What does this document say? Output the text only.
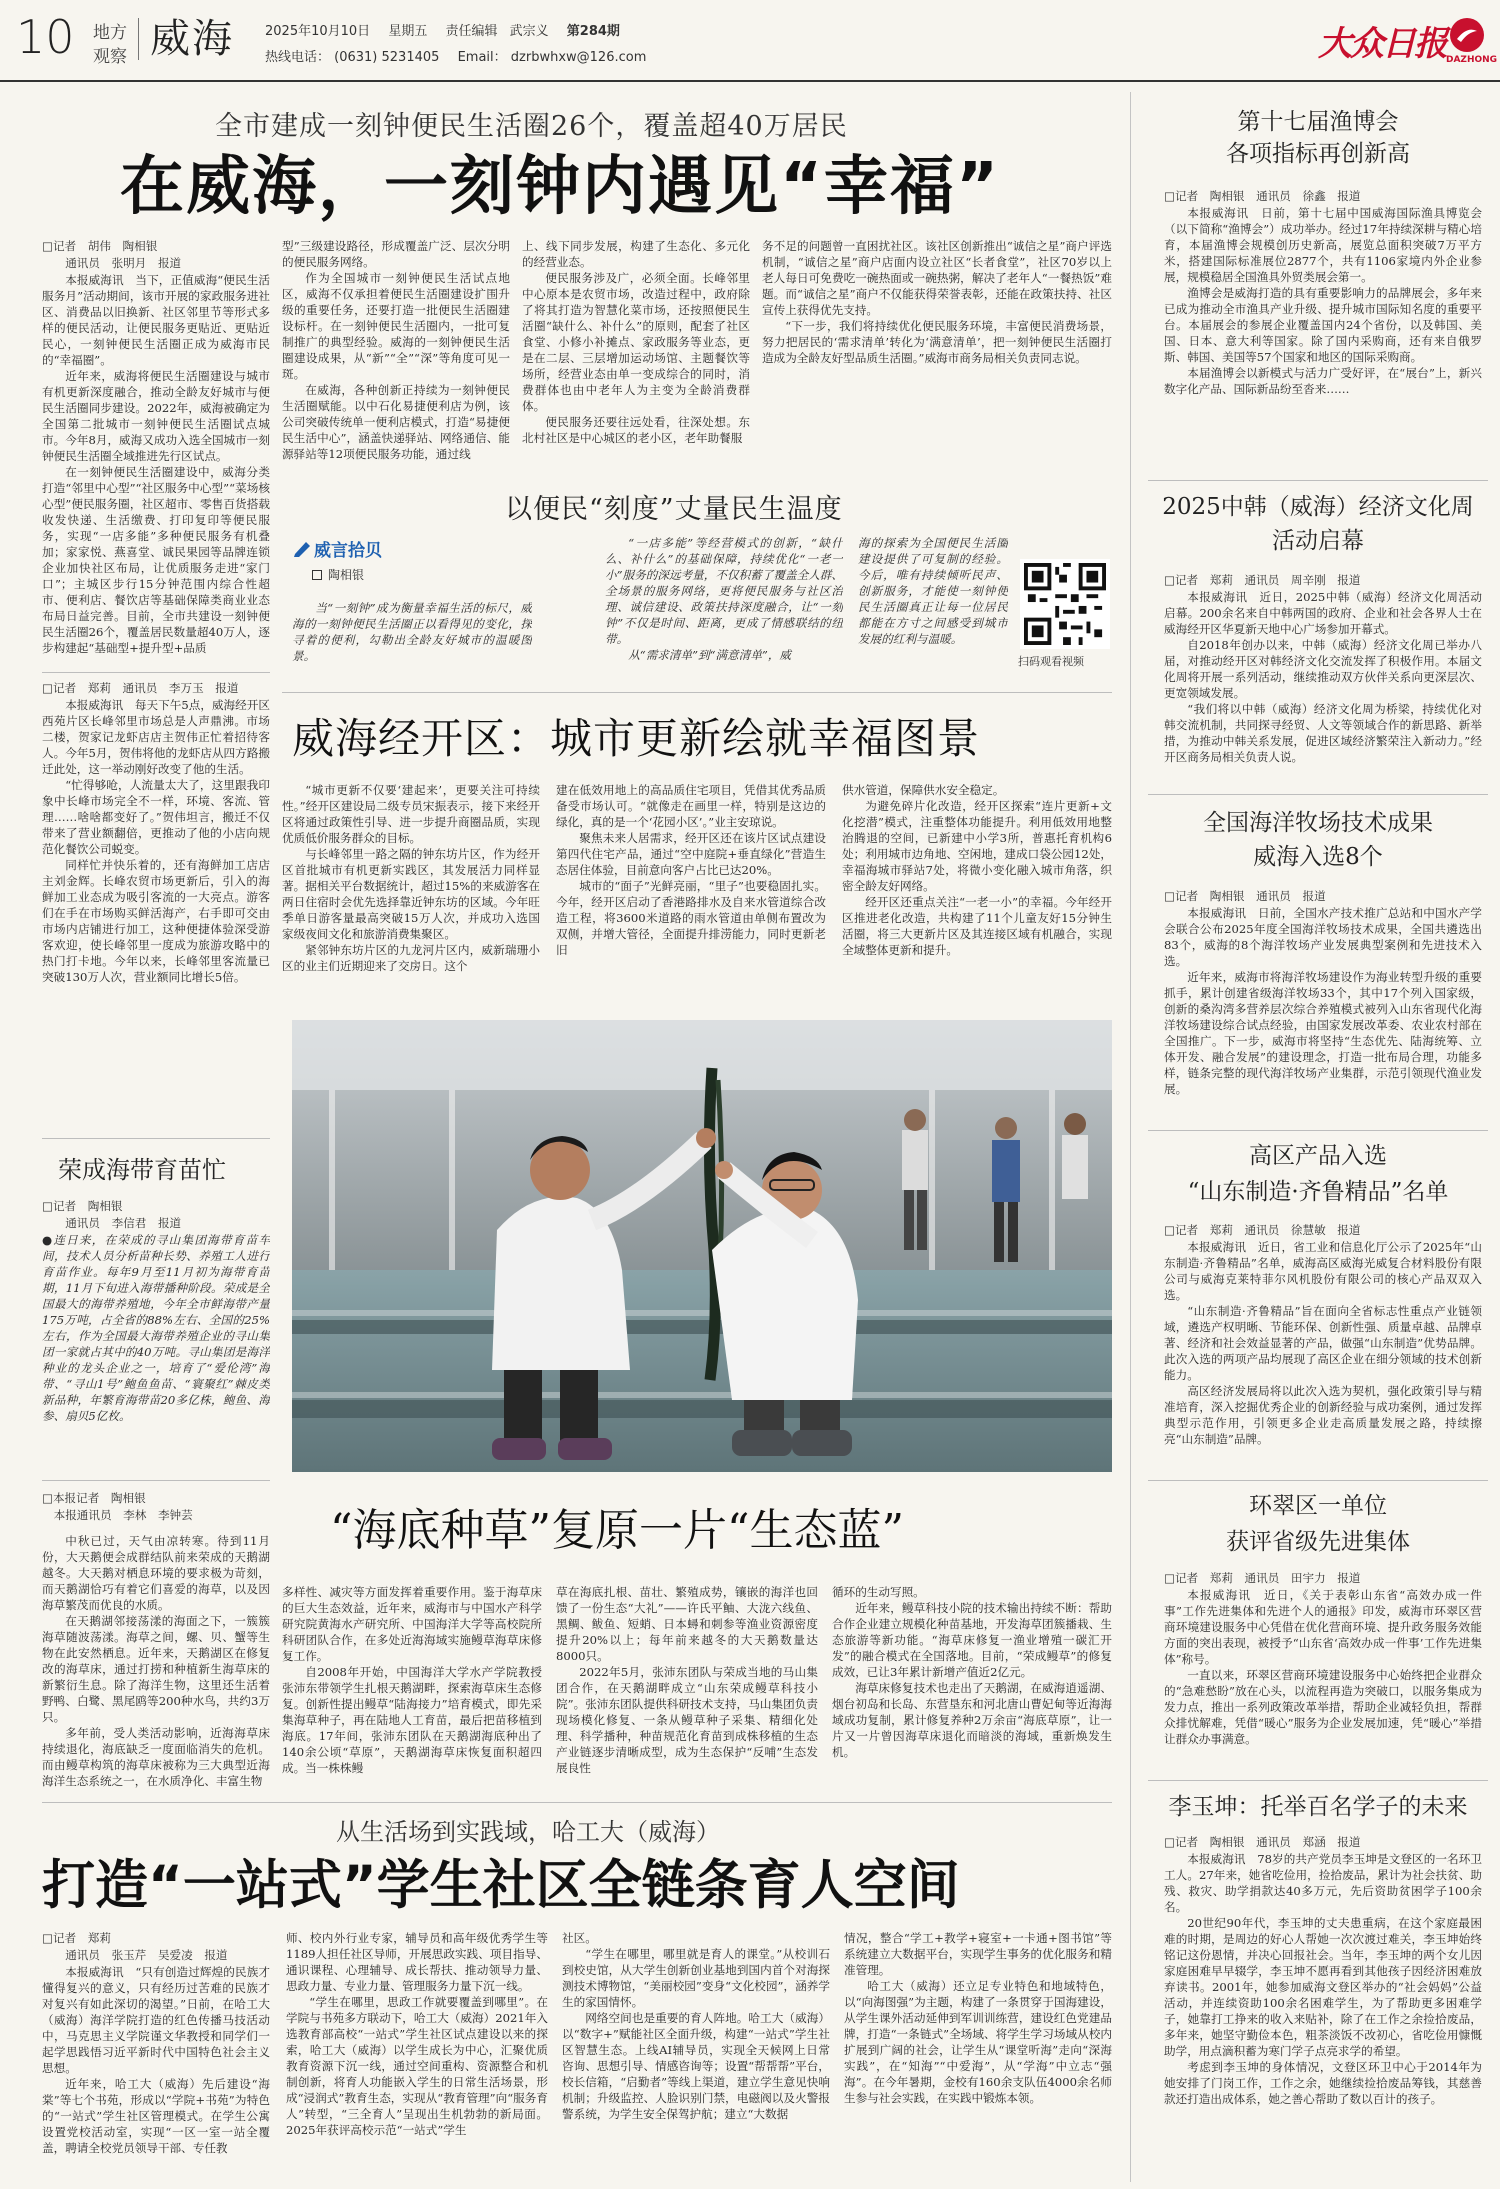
10 地方
观察 威海 2025年10月10日 星期五 责任编辑 武宗义 第284期
热线电话： (0631) 5231405 Email： dzrbwhxw@126.com	大众日报 DAZHONG
全市建成一刻钟便民生活圈26个，覆盖超40万居民
在威海，一刻钟内遇见“幸福”
□记者　胡伟　陶相银
通讯员　张明月　报道

本报威海讯　当下，正值威海“便民生活服务月”活动期间，该市开展的家政服务进社区、消费品以旧换新、社区邻里节等形式多样的便民活动，让便民服务更贴近、更贴近民心，一刻钟便民生活圈正成为威海市民的“幸福圈”。

近年来，威海将便民生活圈建设与城市有机更新深度融合，推动全龄友好城市与便民生活圈同步建设。2022年，威海被确定为全国第二批城市一刻钟便民生活圈试点城市。今年8月，威海又成功入选全国城市一刻钟便民生活圈全域推进先行区试点。

在一刻钟便民生活圈建设中，威海分类打造“邻里中心型”“社区服务中心型”“菜场核心型”便民服务圈，社区超市、零售百货搭载收发快递、生活缴费、打印复印等便民服务，实现“一店多能”多种便民服务有机叠加；家家悦、燕喜堂、诚民果园等品牌连锁企业加快社区布局，让优质服务走进“家门口”；主城区步行15分钟范围内综合性超市、便利店、餐饮店等基础保障类商业业态布局日益完善。目前，全市共建设一刻钟便民生活圈26个，覆盖居民数量超40万人，逐步构建起“基础型+提升型+品质

型”三级建设路径，形成覆盖广泛、层次分明的便民服务网络。

作为全国城市一刻钟便民生活试点地区，威海不仅承担着便民生活圈建设扩围升级的重要任务，还要打造一批便民生活圈建设标杆。在一刻钟便民生活圈内，一批可复制推广的典型经验。威海的一刻钟便民生活圈建设成果，从“新”“全”“深”等角度可见一斑。

在威海，各种创新正持续为一刻钟便民生活圈赋能。以中石化易捷便利店为例，该公司突破传统单一便利店模式，打造“易捷便民生活中心”，涵盖快递驿站、网络通信、能源驿站等12项便民服务功能，通过线

上、线下同步发展，构建了生态化、多元化的经营业态。

便民服务涉及广，必须全面。长峰邻里中心原本是农贸市场，改造过程中，政府除了将其打造为智慧化菜市场，还按照便民生活圈“缺什么、补什么”的原则，配套了社区食堂、小修小补摊点、家政服务等业态，更是在二层、三层增加运动场馆、主题餐饮等场所，经营业态由单一变成综合的同时，消费群体也由中老年人为主变为全龄消费群体。

便民服务还要往远处看，往深处想。东北村社区是中心城区的老小区，老年助餐服

务不足的问题曾一直困扰社区。该社区创新推出“诚信之星”商户评选机制，“诚信之星”商户店面内设立社区“长者食堂”，社区70岁以上老人每日可免费吃一碗热面或一碗热粥，解决了老年人“一餐热饭”难题。而“诚信之星”商户不仅能获得荣誉表彰，还能在政策扶持、社区宣传上获得优先支持。

“下一步，我们将持续优化便民服务环境，丰富便民消费场景，努力把居民的‘需求清单’转化为‘满意清单’，把一刻钟便民生活圈打造成为全龄友好型品质生活圈。”威海市商务局相关负责同志说。

以便民“刻度”丈量民生温度
威言拾贝
陶相银

当“一刻钟”成为衡量幸福生活的标尺，威海的一刻钟便民生活圈正以看得见的变化，探寻着的便利，勾勒出全龄友好城市的温暖图景。

“一店多能”等经营模式的创新，“缺什么、补什么”的基础保障，持续优化“一老一小”服务的深远考量，不仅积蓄了覆盖全人群、全场景的服务网络，更将便民服务与社区治理、诚信建设、政策扶持深度融合，让“一刻钟”不仅是时间、距离，更成了情感联结的纽带。

从“需求清单”到“满意清单”，威

海的探索为全国便民生活圈建设提供了可复制的经验。今后，唯有持续倾听民声、创新服务，才能使一刻钟便民生活圈真正让每一位居民都能在方寸之间感受到城市发展的红利与温暖。

扫码观看视频
□记者　郑莉　通讯员　李万玉　报道

本报威海讯　每天下午5点，威海经开区西苑片区长峰邻里市场总是人声鼎沸。市场二楼，贺家记龙虾店店主贺伟正忙着招待客人。今年5月，贺伟将他的龙虾店从四方路搬迁此处，这一举动刚好改变了他的生活。

“忙得够呛，人流量太大了，这里跟我印象中长峰市场完全不一样，环境、客流、管理……啥啥都变好了。”贺伟坦言，搬迁不仅带来了营业额翻倍，更推动了他的小店向规范化餐饮公司蜕变。

同样忙并快乐着的，还有海鲜加工店店主刘金辉。长峰农贸市场更新后，引入的海鲜加工业态成为吸引客流的一大亮点。游客们在手在市场购买鲜活海产，右手即可交由市场内店铺进行加工，这种便捷体验深受游客欢迎，使长峰邻里一度成为旅游攻略中的热门打卡地。今年以来，长峰邻里客流量已突破130万人次，营业额同比增长5倍。

威海经开区：城市更新绘就幸福图景

“城市更新不仅要‘建起来’，更要关注可持续性。”经开区建设局二级专员宋振表示，接下来经开区将通过政策性引导、进一步提升商圈品质，实现优质低价服务群众的目标。

与长峰邻里一路之隔的钟东坊片区，作为经开区首批城市有机更新实践区，其发展活力同样显著。据相关平台数据统计，超过15%的来威游客在两日住宿时会优先选择靠近钟东坊的区域。今年旺季单日游客量最高突破15万人次，并成功入选国家级夜间文化和旅游消费集聚区。

紧邻钟东坊片区的九龙河片区内，威新瑞珊小区的业主们近期迎来了交房日。这个

建在低效用地上的高品质住宅项目，凭借其优秀品质备受市场认可。“就像走在画里一样，特别是这边的绿化，真的是一个‘花园小区’。”业主安琼说。

聚焦未来人居需求，经开区还在该片区试点建设第四代住宅产品，通过“空中庭院+垂直绿化”营造生态居住体验，目前意向客户占比已达20%。

城市的“面子”光鲜亮丽，“里子”也要稳固扎实。今年，经开区启动了香港路排水及自来水管道综合改造工程，将3600米道路的雨水管道由单侧布置改为双侧，并增大管径，全面提升排涝能力，同时更新老旧

供水管道，保障供水安全稳定。

为避免碎片化改造，经开区探索“连片更新+文化挖潜”模式，注重整体功能提升。利用低效用地整治腾退的空间，已新建中小学3所，普惠托育机构6处；利用城市边角地、空闲地，建成口袋公园12处，幸福海城市驿站7处，将微小变化融入城市角落，织密全龄友好网络。

经开区还重点关注“一老一小”的幸福。今年经开区推进老化改造，共构建了11个儿童友好15分钟生活圈，将三大更新片区及其连接区域有机融合，实现全域整体更新和提升。

荣成海带育苗忙
□记者　陶相银
通讯员　李信君　报道
●连日来，在荣成的寻山集团海带育苗车间，技术人员分析苗种长势、养殖工人进行育苗作业。每年9月至11月初为海带育苗期，11月下旬进入海带播种阶段。荣成是全国最大的海带养殖地，今年全市鲜海带产量175万吨，占全省的88%左右、全国的25%左右，作为全国最大海带养殖企业的寻山集团一家就占其中的40万吨。寻山集团是海洋种业的龙头企业之一，培育了“爱伦湾”海带、“寻山1号”鲍鱼鱼苗、“寰聚红”棘皮类新品种，年繁育海带苗20多亿株，鲍鱼、海参、扇贝5亿枚。
□本报记者　陶相银
本报通讯员　李林　李钟芸

中秋已过，天气由凉转寒。待到11月份，大天鹅便会成群结队前来荣成的天鹅湖越冬。大天鹅对栖息环境的要求极为苛刻，而天鹅湖恰巧有着它们喜爱的海草，以及因海草繁茂而优良的水质。

在天鹅湖邻接荡漾的海面之下，一簇簇海草随波荡漾。海草之间，螺、贝、蟹等生物在此安然栖息。近年来，天鹅湖区在修复改的海草床，通过打捞和种植新生海草床的新繁衍生息。除了海洋生物，这里还生活着野鸭、白鹭、黑尾鸥等200种水鸟，共约3万只。

多年前，受人类活动影响，近海海草床持续退化，海底缺乏一度面临消失的危机。而由鳗草构筑的海草床被称为三大典型近海海洋生态系统之一，在水质净化、丰富生物

“海底种草”复原一片“生态蓝”

多样性、减灾等方面发挥着重要作用。鉴于海草床的巨大生态效益，近年来，威海市与中国水产科学研究院黄海水产研究所、中国海洋大学等高校院所科研团队合作，在多处近海海域实施鳗草海草床修复工作。

自2008年开始，中国海洋大学水产学院教授张沛东带领学生扎根天鹅湖畔，探索海草床生态修复。创新性提出鳗草“陆海接力”培育模式，即先采集海草种子，再在陆地人工育苗，最后把苗移植到海底。17年间，张沛东团队在天鹅湖海底种出了140余公顷“草原”，天鹅湖海草床恢复面积超四成。当一株株鳗

草在海底扎根、苗壮、繁殖成势，镶嵌的海洋也回馈了一份生态“大礼”——许氏平鲉、大泷六线鱼、黑鲷、鲅鱼、短蛸、日本蟳和刺参等渔业资源密度提升20%以上；每年前来越冬的大天鹅数量达8000只。

2022年5月，张沛东团队与荣成当地的马山集团合作，在天鹅湖畔成立“山东荣成鳗草科技小院”。张沛东团队提供科研技术支持，马山集团负责现场模化修复、一条从鳗草种子采集、精细化处理、科学播种，种苗规范化育苗到成株移植的生态产业链逐步清晰成型，成为生态保护“反哺”生态发展良性

循环的生动写照。

近年来，鳗草科技小院的技术输出持续不断：帮助合作企业建立规模化种苗基地，开发海草团簇播栽、生态旅游等新功能。“海草床修复一渔业增殖一碳汇开发”的融合模式在全国落地。目前，“荣成鳗草”的修复成效，已让3年累计新增产值近2亿元。

海草床修复技术也走出了天鹅湖，在威海逍遥湖、烟台初岛和长岛、东营垦东和河北唐山曹妃甸等近海海域成功复制，累计修复养种2万余亩“海底草原”，让一片又一片曾因海草床退化而暗淡的海域，重新焕发生机。

从生活场到实践域，哈工大（威海）
打造“一站式”学生社区全链条育人空间
□记者　郑莉
通讯员　张玉芹　吴爱凌　报道

本报威海讯　“只有创造过辉煌的民族才懂得复兴的意义，只有经历过苦难的民族才对复兴有如此深切的渴望。”日前，在哈工大（威海）海洋学院打造的红色传播马技活动中，马克思主义学院谨文华教授和同学们一起学思践悟习近平新时代中国特色社会主义思想。

近年来，哈工大（威海）先后建设“海棠”等七个书苑，形成以“学院+书苑”为特色的“一站式”学生社区管理模式。在学生公寓设置党校活动室，实现“一区一室一站全覆盖，聘请全校党员领导干部、专任教

师、校内外行业专家，辅导员和高年级优秀学生等1189人担任社区导师，开展思政实践、项目指导、通识课程、心理辅导、成长帮扶、推动领导力量、思政力量、专业力量、管理服务力量下沉一线。

“学生在哪里，思政工作就要覆盖到哪里”。在学院与书苑多方联动下，哈工大（威海）2021年入选教育部高校“一站式”学生社区试点建设以来的探索，哈工大（威海）以学生成长为中心，汇聚优质教育资源下沉一线，通过空间重构、资源整合和机制创新，将育人功能嵌入学生的日常生活场景，形成“浸润式”教育生态，实现从“教育管理”向“服务育人”转型，“三全育人”呈现出生机勃勃的新局面。2025年获评高校示范“一站式”学生

社区。

“学生在哪里，哪里就是育人的课堂。”从校训石到校史馆，从大学生创新创业基地到国内首个对海探测技术博物馆，“美丽校园”变身“文化校园”，涵养学生的家国情怀。

网络空间也是重要的育人阵地。哈工大（威海）以“数字+”赋能社区全面升级，构建“一站式”学生社区智慧生态。上线AI辅导员，实现全天候网上日常咨询、思想引导、情感咨询等；设置“帮帮帮”平台，校长信箱，“启勤者”等线上渠道，建立学生意见快响机制；升级监控、人脸识别门禁，电磁阀以及火警报警系统，为学生安全保驾护航；建立“大数据

情况，整合“学工+教学+寝室+一卡通+图书馆”等系统建立大数据平台，实现学生事务的优化服务和精准管理。

哈工大（威海）还立足专业特色和地域特色，以“向海图强”为主题，构建了一条贯穿于国海建设，从学生课外活动延伸到军训训练营，建设红色党建品牌，打造“一条链式”全场域、将学生学习场域从校内扩展到广阔的社会，让学生从“课堂听海”走向“深海实践”，在“知海”“中爱海”，从“学海”中立志“强海”。在今年暑期，金校有160余支队伍4000余名师生参与社会实践，在实践中锻炼本领。

第十七届渔博会
各项指标再创新高
□记者　陶相银　通讯员　徐鑫　报道

本报威海讯　日前，第十七届中国威海国际渔具博览会（以下简称“渔博会”）成功举办。经过17年持续深耕与精心培育，本届渔博会规模创历史新高，展览总面积突破7万平方米，搭建国际标准展位2877个，共有1106家境内外企业参展，规模稳居全国渔具外贸类展会第一。

渔博会是威海打造的具有重要影响力的品牌展会，多年来已成为推动全市渔具产业升级、提升城市国际知名度的重要平台。本届展会的参展企业覆盖国内24个省份，以及韩国、美国、日本、意大利等国家。除了国内采购商，还有来自俄罗斯、韩国、美国等57个国家和地区的国际采购商。

本届渔博会以新模式与活力广受好评，在“展台”上，新兴数字化产品、国际新品纷至沓来……

2025中韩（威海）经济文化周
活动启幕
□记者　郑莉　通讯员　周辛刚　报道

本报威海讯　近日，2025中韩（威海）经济文化周活动启幕。200余名来自中韩两国的政府、企业和社会各界人士在威海经开区华夏新天地中心广场参加开幕式。

自2018年创办以来，中韩（威海）经济文化周已举办八届，对推动经开区对韩经济文化交流发挥了积极作用。本届文化周将开展一系列活动，继续推动双方伙伴关系向更深层次、更宽领域发展。

“我们将以中韩（威海）经济文化周为桥梁，持续优化对韩交流机制，共同探寻经贸、人文等领域合作的新思路、新举措，为推动中韩关系发展，促进区域经济繁荣注入新动力。”经开区商务局相关负责人说。

全国海洋牧场技术成果
威海入选8个
□记者　陶相银　通讯员　报道

本报威海讯　日前，全国水产技术推广总站和中国水产学会联合公布2025年度全国海洋牧场技术成果，全国共遴选出83个，威海的8个海洋牧场产业发展典型案例和先进技术入选。

近年来，威海市将海洋牧场建设作为海业转型升级的重要抓手，累计创建省级海洋牧场33个，其中17个列入国家级，创新的桑沟湾多营养层次综合养殖模式被列入山东省现代化海洋牧场建设综合试点经验，由国家发展改革委、农业农村部在全国推广。下一步，威海市将坚持“生态优先、陆海统筹、立体开发、融合发展”的建设理念，打造一批布局合理，功能多样，链条完整的现代海洋牧场产业集群，示范引领现代渔业发展。

高区产品入选
“山东制造·齐鲁精品”名单
□记者　郑莉　通讯员　徐慧敏　报道

本报威海讯　近日，省工业和信息化厅公示了2025年“山东制造·齐鲁精品”名单，威海高区威海光威复合材料股份有限公司与威海克莱特菲尔风机股份有限公司的核心产品双双入选。

“山东制造·齐鲁精品”旨在面向全省标志性重点产业链领域，遴选产权明晰、节能环保、创新性强、质量卓越、品牌卓著、经济和社会效益显著的产品，做强“山东制造”优势品牌。此次入选的两项产品均展现了高区企业在细分领域的技术创新能力。

高区经济发展局将以此次入选为契机，强化政策引导与精准培育，深入挖掘优秀企业的创新经验与成功案例，通过发挥典型示范作用，引领更多企业走高质量发展之路，持续擦亮“山东制造”品牌。

环翠区一单位
获评省级先进集体
□记者　郑莉　通讯员　田宇力　报道

本报威海讯　近日，《关于表彰山东省“高效办成一件事”工作先进集体和先进个人的通报》印发，威海市环翠区营商环境建设服务中心凭借在优化营商环境、提升政务服务效能方面的突出表现，被授予“山东省‘高效办成一件事’工作先进集体”称号。

一直以来，环翠区营商环境建设服务中心始终把企业群众的“急难愁盼”放在心头，以流程再造为突破口，以服务集成为发力点，推出一系列政策改革举措，帮助企业减轻负担，帮群众排忧解难，凭借“暖心”服务为企业发展加速，凭“暖心”举措让群众办事满意。

李玉坤：托举百名学子的未来
□记者　陶相银　通讯员　郑涵　报道

本报威海讯　78岁的共产党员李玉坤是文登区的一名环卫工人。27年来，她省吃俭用，捡拾废品，累计为社会扶贫、助残、救灾、助学捐款达40多万元，先后资助贫困学子100余名。

20世纪90年代，李玉坤的丈夫患重病，在这个家庭最困难的时期，是周边的好心人帮她一次次渡过难关，李玉坤始终铭记这份恩情，并决心回报社会。当年，李玉坤的两个女儿因家庭困难早早辍学，李玉坤不愿再看到其他孩子因经济困难放弃读书。2001年，她参加威海文登区举办的“社会妈妈”公益活动，并连续资助100余名困难学生，为了帮助更多困难学子，她靠打工挣来的收入来贴补，除了在工作之余捡拾废品，多年来，她坚守勤俭本色，粗茶淡饭不改初心，省吃俭用慷慨助学，用点滴积蓄为寒门学子点亮求学的希望。

考虑到李玉坤的身体情况，文登区环卫中心于2014年为她安排了门岗工作，工作之余，她继续捡拾废品筹钱，其慈善款还打造出成体系，她之善心帮助了数以百计的孩子。
